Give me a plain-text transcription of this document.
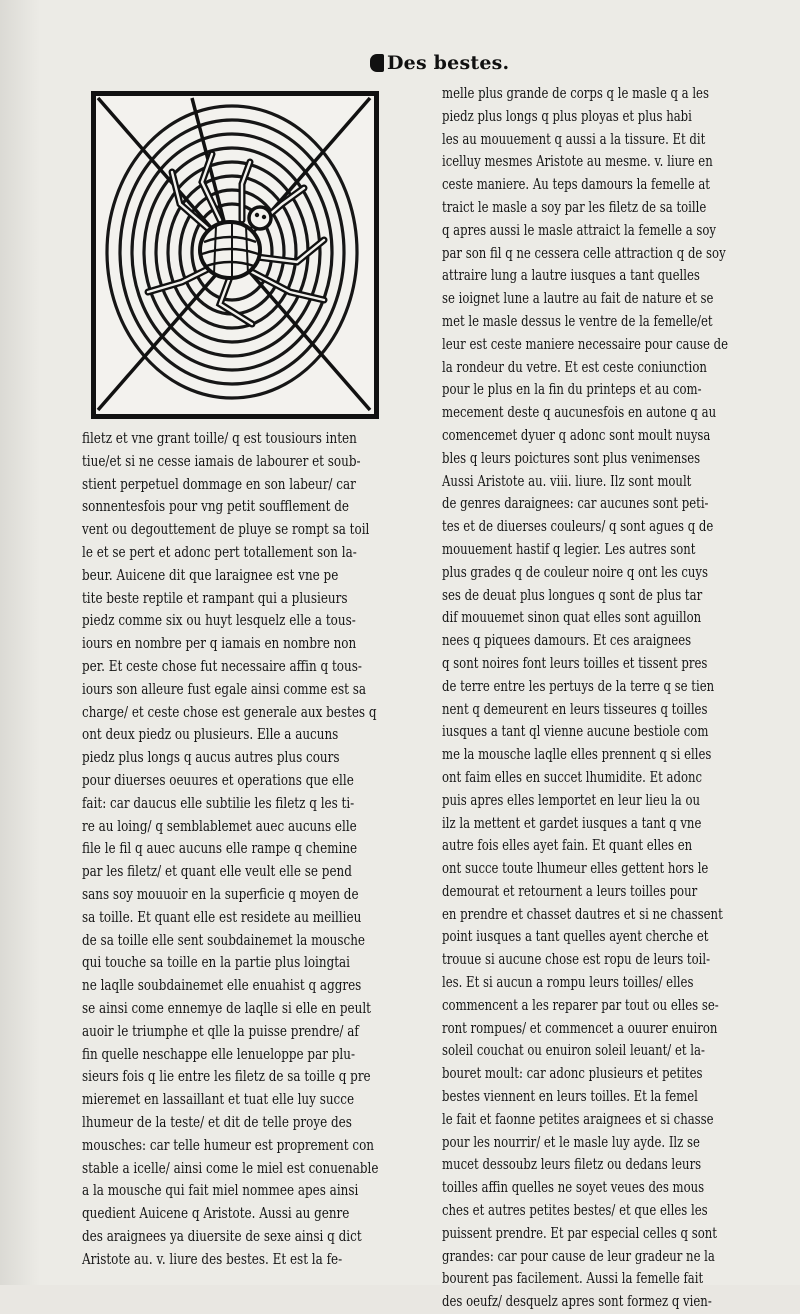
Des bestes.
filetz et vne grant toille/ q est tousiours inten
tiue/et si ne cesse iamais de labourer et soub-
stient perpetuel dommage en son labeur/ car
sonnentesfois pour vng petit soufflement de
vent ou degouttement de pluye se rompt sa toil
le et se pert et adonc pert totallement son la-
beur. Auicene dit que laraignee est vne pe
tite beste reptile et rampant qui a plusieurs
piedz comme six ou huyt lesquelz elle a tous-
iours en nombre per q iamais en nombre non
per. Et ceste chose fut necessaire affin q tous-
iours son alleure fust egale ainsi comme est sa
charge/ et ceste chose est generale aux bestes q
ont deux piedz ou plusieurs. Elle a aucuns
piedz plus longs q aucus autres plus cours
pour diuerses oeuures et operations que elle
fait: car daucus elle subtilie les filetz q les ti-
re au loing/ q semblablemet auec aucuns elle
file le fil q auec aucuns elle rampe q chemine
par les filetz/ et quant elle veult elle se pend
sans soy mouuoir en la superficie q moyen de
sa toille. Et quant elle est residete au meillieu
de sa toille elle sent soubdainemet la mousche
qui touche sa toille en la partie plus loingtai
ne laqlle soubdainemet elle enuahist q aggres
se ainsi come ennemye de laqlle si elle en peult
auoir le triumphe et qlle la puisse prendre/ af
fin quelle neschappe elle lenueloppe par plu-
sieurs fois q lie entre les filetz de sa toille q pre
mieremet en lassaillant et tuat elle luy succe
lhumeur de la teste/ et dit de telle proye des
mousches: car telle humeur est proprement con
stable a icelle/ ainsi come le miel est conuenable
a la mousche qui fait miel nommee apes ainsi
quedient Auicene q Aristote. Aussi au genre
des araignees ya diuersite de sexe ainsi q dict
Aristote au. v. liure des bestes. Et est la fe-
melle plus grande de corps q le masle q a les
piedz plus longs q plus ployas et plus habi
les au mouuement q aussi a la tissure. Et dit
icelluy mesmes Aristote au mesme. v. liure en
ceste maniere. Au teps damours la femelle at
traict le masle a soy par les filetz de sa toille
q apres aussi le masle attraict la femelle a soy
par son fil q ne cessera celle attraction q de soy
attraire lung a lautre iusques a tant quelles
se ioignet lune a lautre au fait de nature et se
met le masle dessus le ventre de la femelle/et
leur est ceste maniere necessaire pour cause de
la rondeur du vetre. Et est ceste coniunction
pour le plus en la fin du printeps et au com-
mecement deste q aucunesfois en autone q au
comencemet dyuer q adonc sont moult nuysa
bles q leurs poictures sont plus venimenses
Aussi Aristote au. viii. liure. Ilz sont moult
de genres daraignees: car aucunes sont peti-
tes et de diuerses couleurs/ q sont agues q de
mouuement hastif q legier. Les autres sont
plus grades q de couleur noire q ont les cuys
ses de deuat plus longues q sont de plus tar
dif mouuemet sinon quat elles sont aguillon
nees q piquees damours. Et ces araignees
q sont noires font leurs toilles et tissent pres
de terre entre les pertuys de la terre q se tien
nent q demeurent en leurs tisseures q toilles
iusques a tant ql vienne aucune bestiole com
me la mousche laqlle elles prennent q si elles
ont faim elles en succet lhumidite. Et adonc
puis apres elles lemportet en leur lieu la ou
ilz la mettent et gardet iusques a tant q vne
autre fois elles ayet fain. Et quant elles en
ont succe toute lhumeur elles gettent hors le
demourat et retournent a leurs toilles pour
en prendre et chasset dautres et si ne chassent
point iusques a tant quelles ayent cherche et
trouue si aucune chose est ropu de leurs toil-
les. Et si aucun a rompu leurs toilles/ elles
commencent a les reparer par tout ou elles se-
ront rompues/ et commencet a ouurer enuiron
soleil couchat ou enuiron soleil leuant/ et la-
bouret moult: car adonc plusieurs et petites
bestes viennent en leurs toilles. Et la femel
le fait et faonne petites araignees et si chasse
pour les nourrir/ et le masle luy ayde. Ilz se
mucet dessoubz leurs filetz ou dedans leurs
toilles affin quelles ne soyet veues des mous
ches et autres petites bestes/ et que elles les
puissent prendre. Et par especial celles q sont
grandes: car pour cause de leur gradeur ne la
bourent pas facilement. Aussi la femelle fait
des oeufz/ desquelz apres sont formez q vien-
